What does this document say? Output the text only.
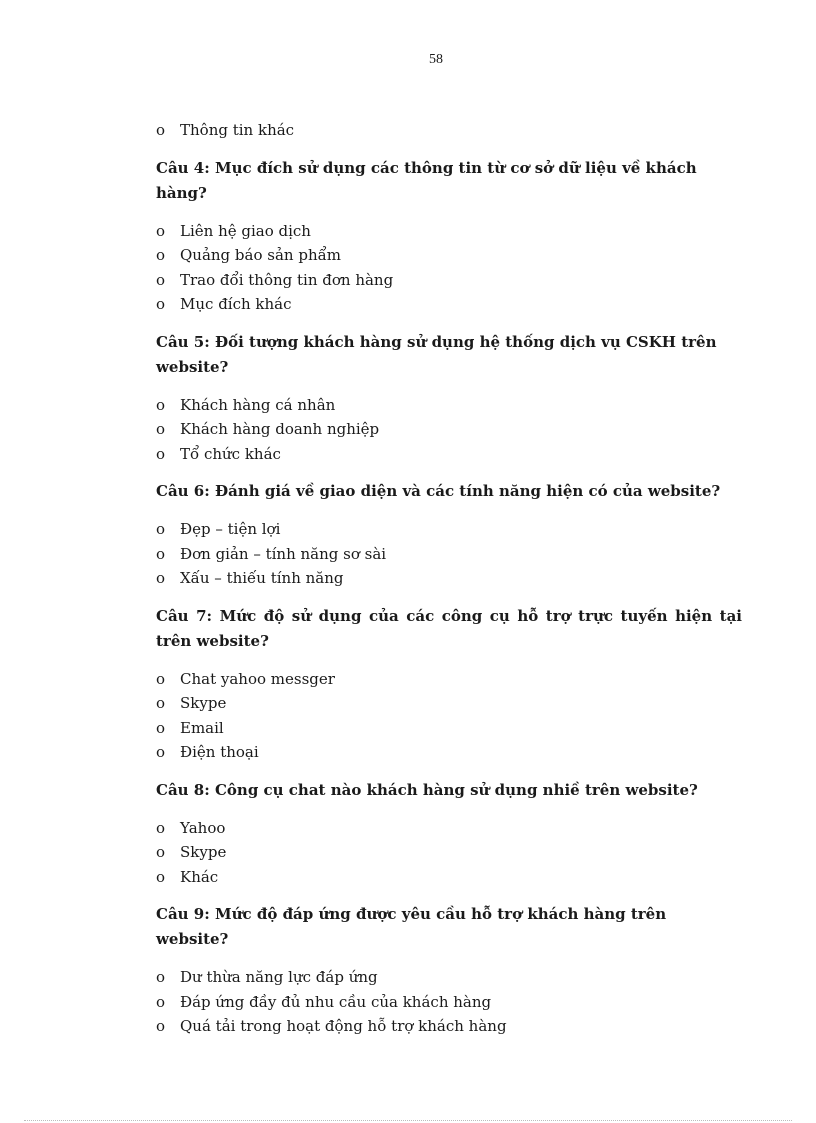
58
o Thông tin khác
Câu 4: Mục đích sử dụng các thông tin từ cơ sở dữ liệu về khách hàng?
o Liên hệ giao dịch
o Quảng báo sản phẩm
o Trao đổi thông tin đơn hàng
o Mục đích khác
Câu 5: Đối tượng khách hàng sử dụng hệ thống dịch vụ CSKH trên website?
o Khách hàng cá nhân
o Khách hàng doanh nghiệp
o Tổ chức khác
Câu 6: Đánh giá về giao diện và các tính năng hiện có của website?
o Đẹp – tiện lợi
o Đơn giản – tính năng sơ sài
o Xấu – thiếu tính năng
Câu 7: Mức độ sử dụng của các công cụ hỗ trợ trực tuyến hiện tại trên website?
o Chat yahoo messger
o Skype
o Email
o Điện thoại
Câu 8: Công cụ chat nào khách hàng sử dụng nhiề trên website?
o Yahoo
o Skype
o Khác
Câu 9: Mức độ đáp ứng được yêu cầu hỗ trợ khách hàng trên website?
o Dư thừa năng lực đáp ứng
o Đáp ứng đầy đủ nhu cầu của khách hàng
o Quá tải trong hoạt động hỗ trợ khách hàng
